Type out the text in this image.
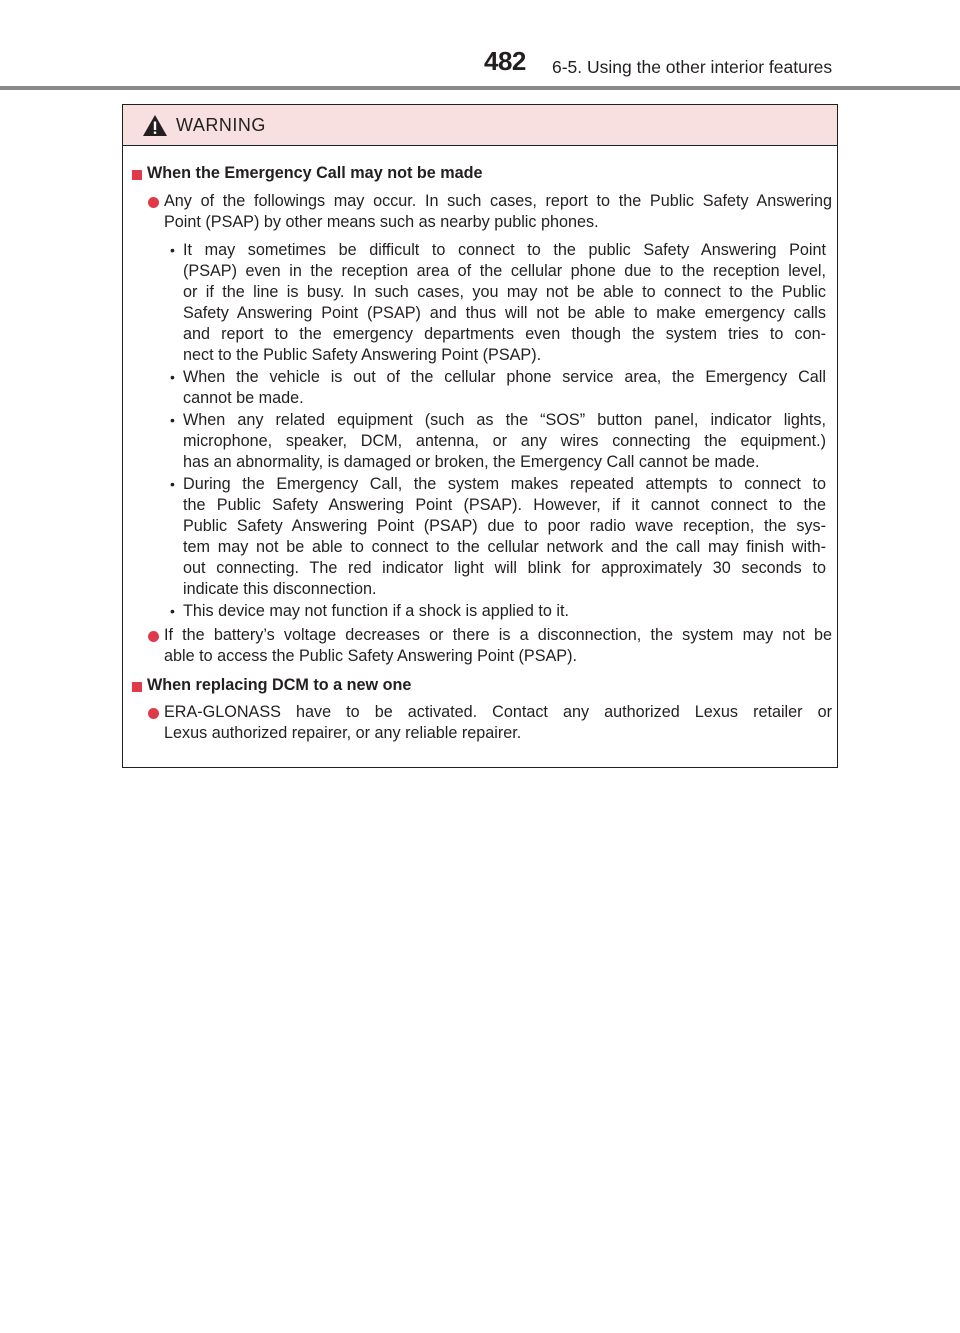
482	6-5. Using the other interior features
WARNING
When the Emergency Call may not be made
Any of the followings may occur. In such cases, report to the Public Safety Answering
Point (PSAP) by other means such as nearby public phones.
• It may sometimes be difficult to connect to the public Safety Answering Point
(PSAP) even in the reception area of the cellular phone due to the reception level,
or if the line is busy. In such cases, you may not be able to connect to the Public
Safety Answering Point (PSAP) and thus will not be able to make emergency calls
and report to the emergency departments even though the system tries to con-
nect to the Public Safety Answering Point (PSAP).
• When the vehicle is out of the cellular phone service area, the Emergency Call
cannot be made.
• When any related equipment (such as the “SOS” button panel, indicator lights,
microphone, speaker, DCM, antenna, or any wires connecting the equipment.)
has an abnormality, is damaged or broken, the Emergency Call cannot be made.
• During the Emergency Call, the system makes repeated attempts to connect to
the Public Safety Answering Point (PSAP). However, if it cannot connect to the
Public Safety Answering Point (PSAP) due to poor radio wave reception, the sys-
tem may not be able to connect to the cellular network and the call may finish with-
out connecting. The red indicator light will blink for approximately 30 seconds to
indicate this disconnection.
• This device may not function if a shock is applied to it.
If the battery’s voltage decreases or there is a disconnection, the system may not be
able to access the Public Safety Answering Point (PSAP).
When replacing DCM to a new one
ERA-GLONASS have to be activated. Contact any authorized Lexus retailer or
Lexus authorized repairer, or any reliable repairer.
